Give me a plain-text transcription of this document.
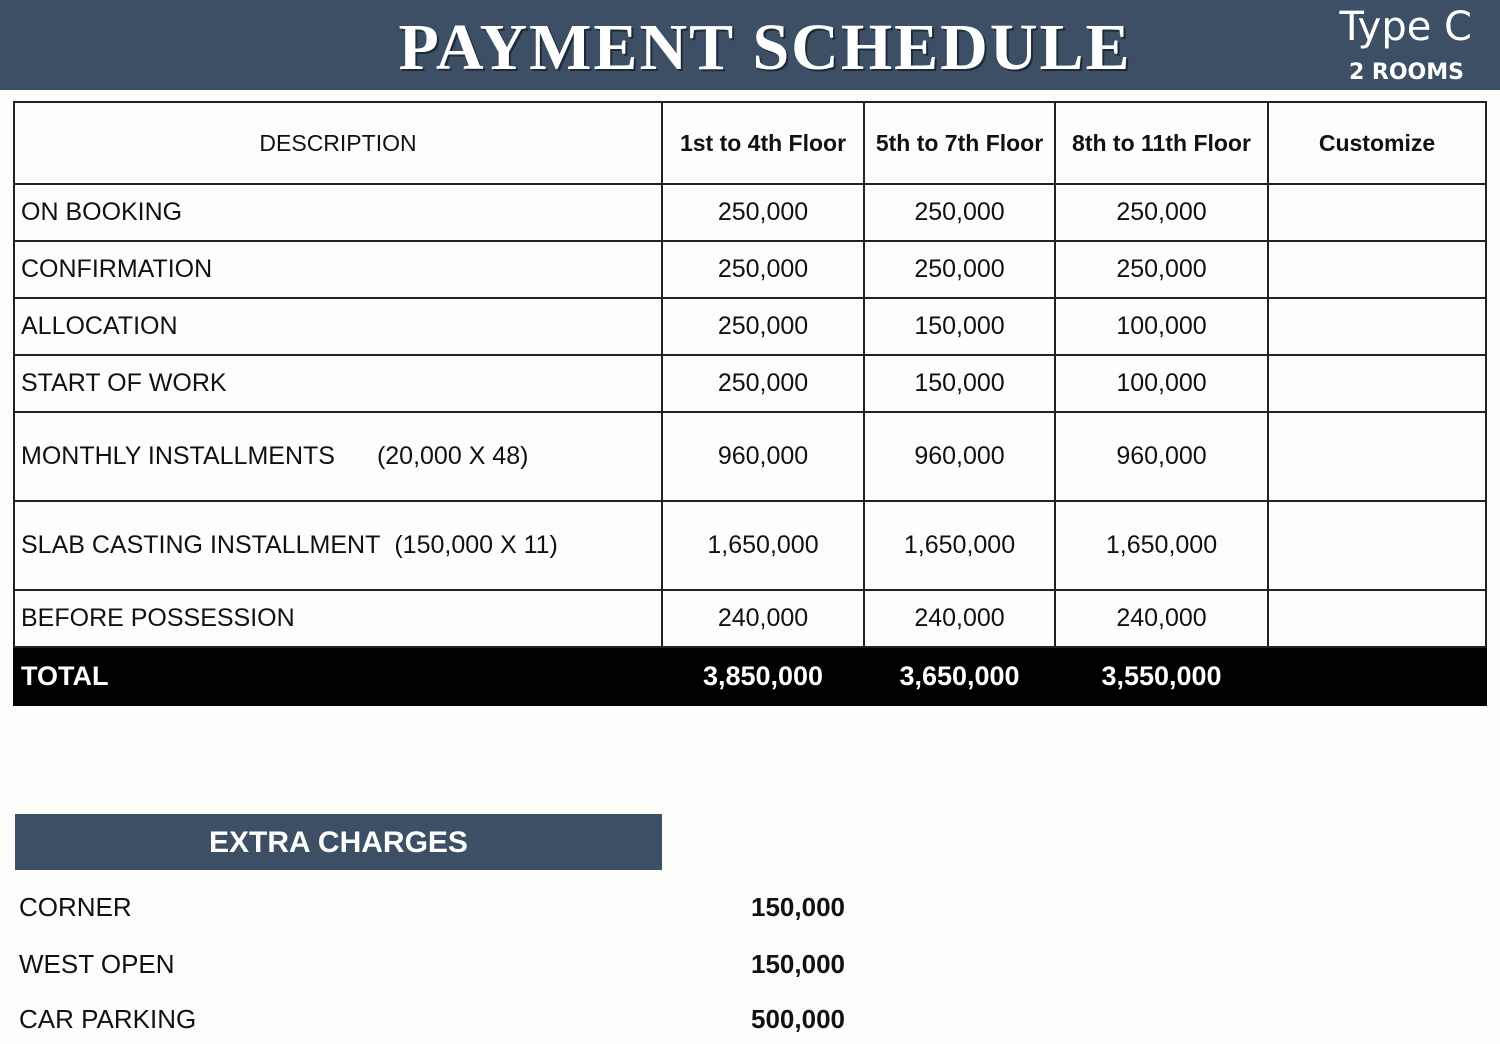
PAYMENT SCHEDULE	Type C
2 ROOMS
DESCRIPTION	1st to 4th Floor	5th to 7th Floor	8th to 11th Floor	Customize
ON BOOKING	250,000	250,000	250,000	
CONFIRMATION	250,000	250,000	250,000	
ALLOCATION	250,000	150,000	100,000	
START OF WORK	250,000	150,000	100,000	
MONTHLY INSTALLMENTS (20,000 X 48)	960,000	960,000	960,000	
SLAB CASTING INSTALLMENT (150,000 X 11)	1,650,000	1,650,000	1,650,000	
BEFORE POSSESSION	240,000	240,000	240,000	
TOTAL	3,850,000	3,650,000	3,550,000	
EXTRA CHARGES
CORNER	150,000
WEST OPEN	150,000
CAR PARKING	500,000
